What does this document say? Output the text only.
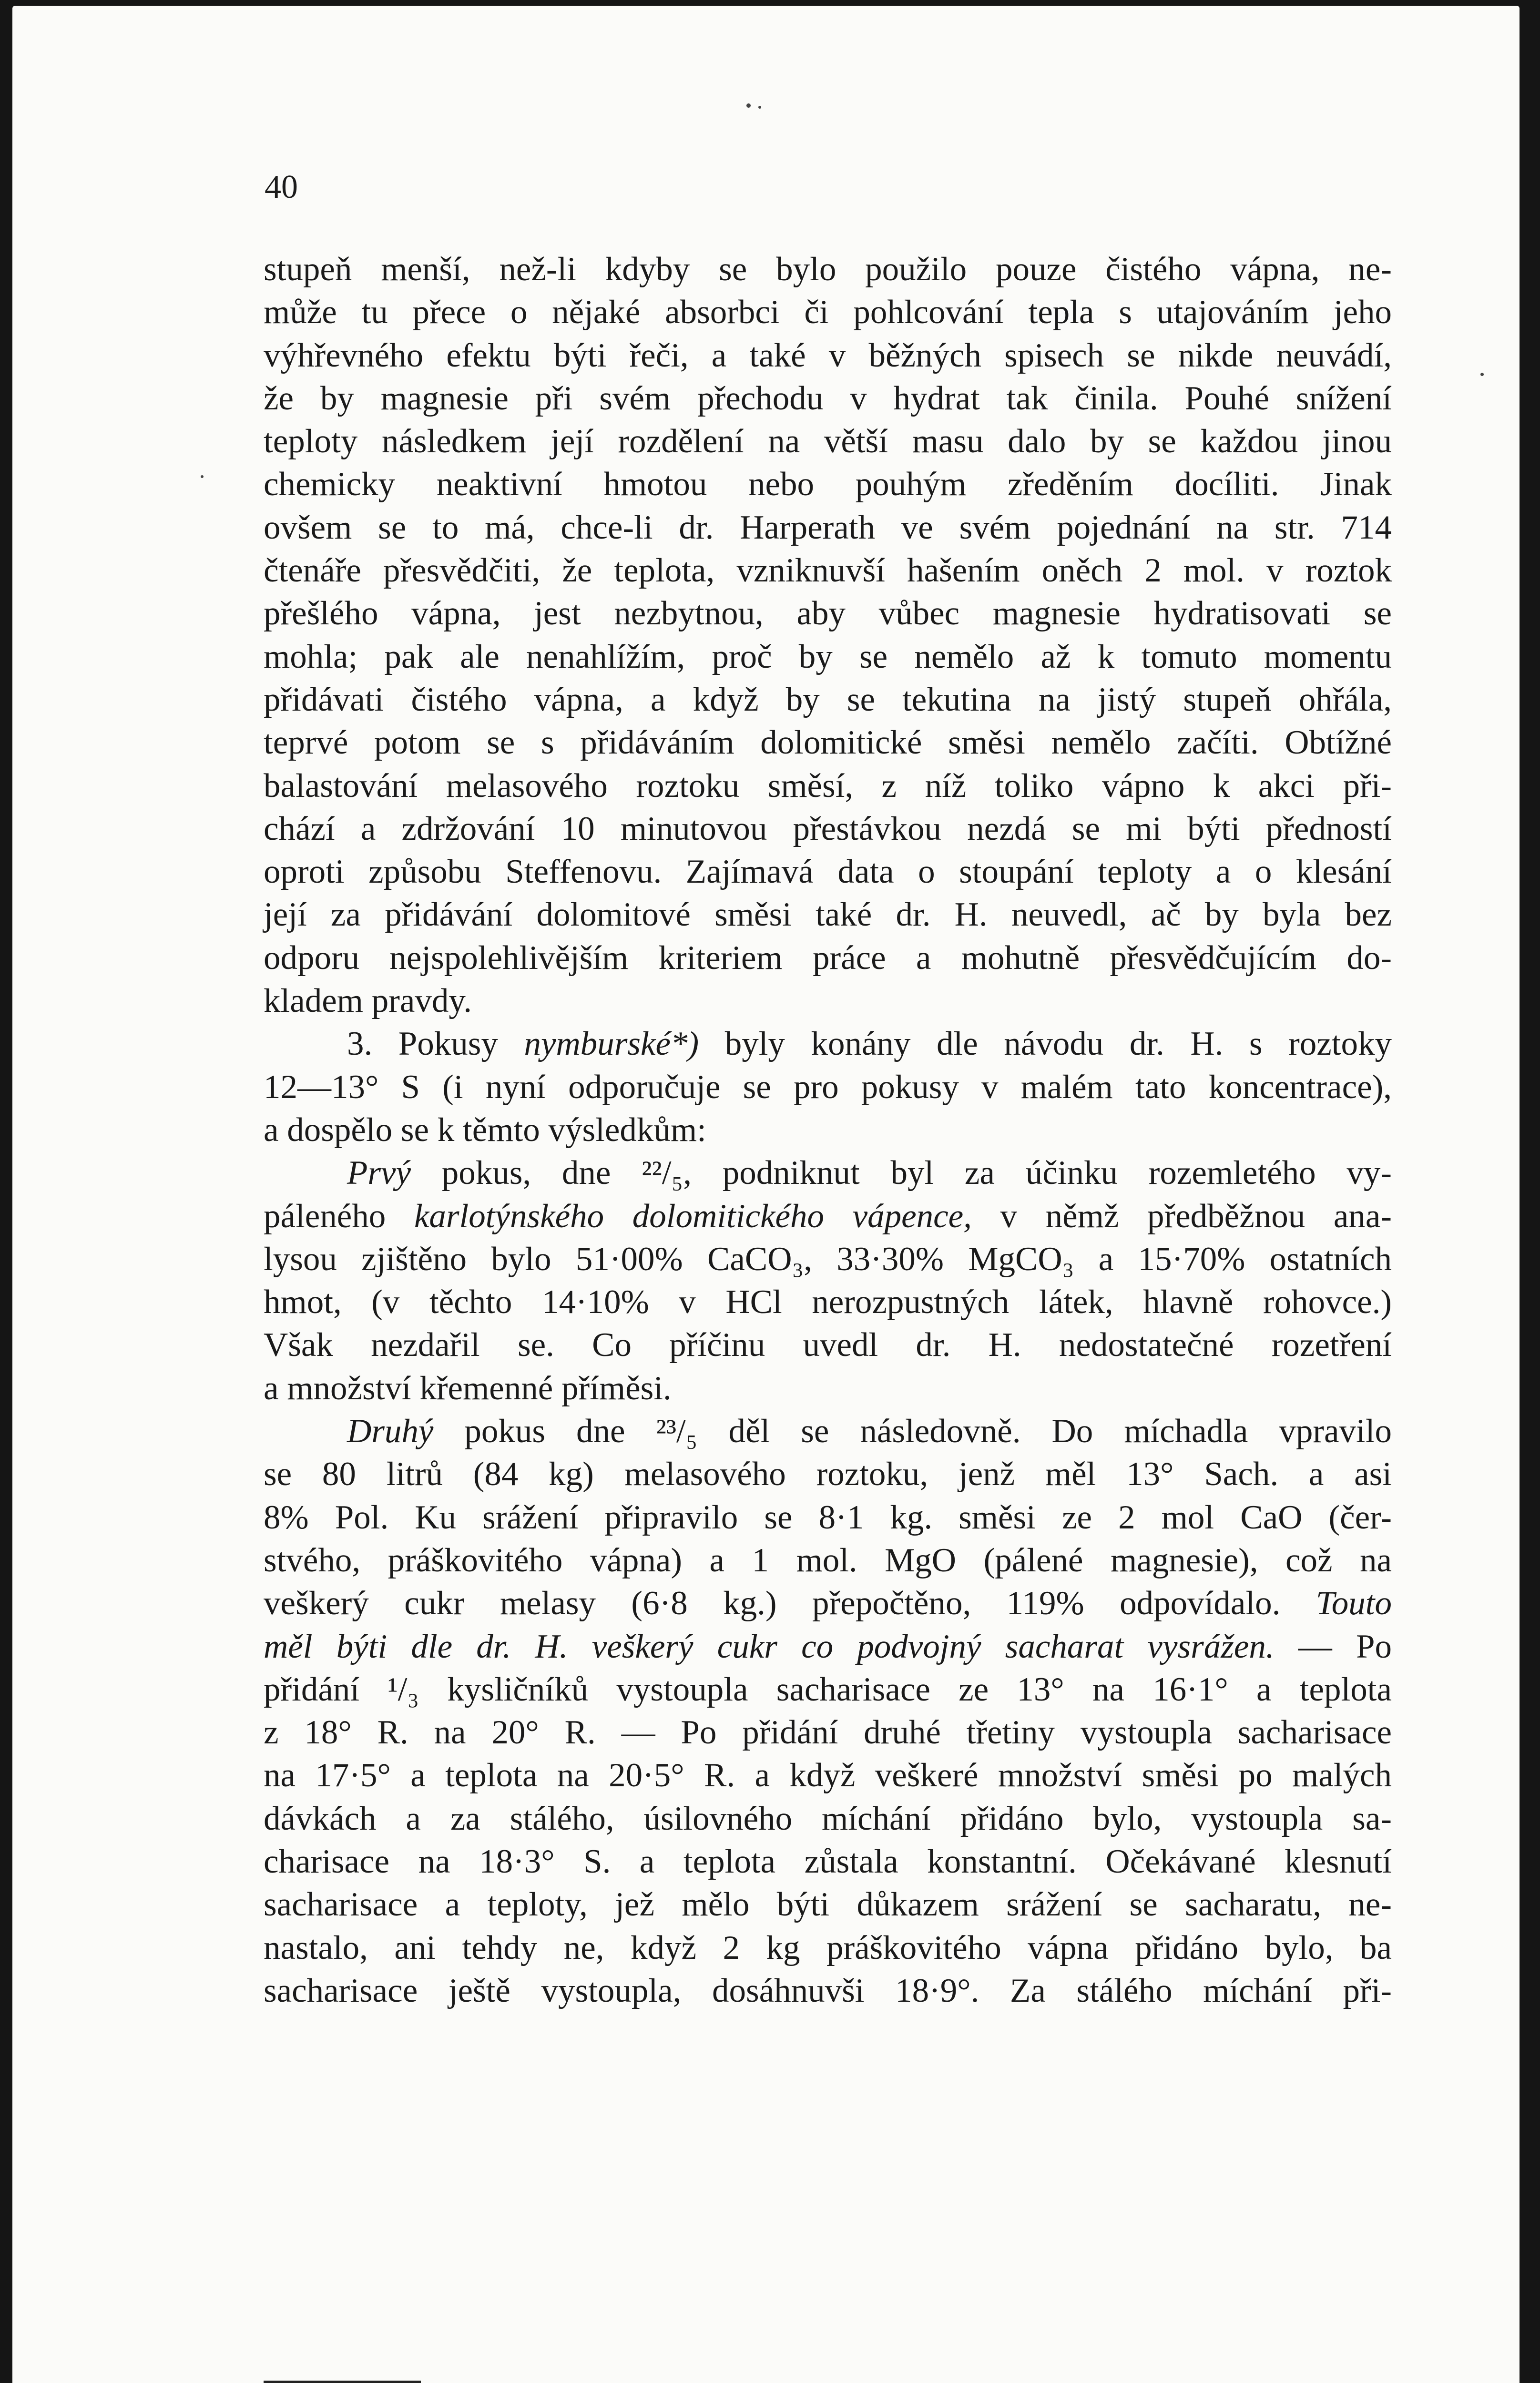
40
stupeň menší, než-li kdyby se bylo použilo pouze čistého vápna, ne-
může tu přece o nějaké absorbci či pohlcování tepla s utajováním jeho
výhřevného efektu býti řeči, a také v běžných spisech se nikde neuvádí,
že by magnesie při svém přechodu v hydrat tak činila. Pouhé snížení
teploty následkem její rozdělení na větší masu dalo by se každou jinou
chemicky neaktivní hmotou nebo pouhým zředěním docíliti. Jinak
ovšem se to má, chce-li dr. Harperath ve svém pojednání na str. 714
čtenáře přesvědčiti, že teplota, vzniknuvší hašením oněch 2 mol. v roztok
přešlého vápna, jest nezbytnou, aby vůbec magnesie hydratisovati se
mohla; pak ale nenahlížím, proč by se nemělo až k tomuto momentu
přidávati čistého vápna, a když by se tekutina na jistý stupeň ohřála,
teprvé potom se s přidáváním dolomitické směsi nemělo začíti. Obtížné
balastování melasového roztoku směsí, z níž toliko vápno k akci při-
chází a zdržování 10 minutovou přestávkou nezdá se mi býti předností
oproti způsobu Steffenovu. Zajímavá data o stoupání teploty a o klesání
její za přidávání dolomitové směsi také dr. H. neuvedl, ač by byla bez
odporu nejspolehlivějším kriteriem práce a mohutně přesvědčujícím do-
kladem pravdy.
3. Pokusy nymburské*) byly konány dle návodu dr. H. s roztoky
12—13° S (i nyní odporučuje se pro pokusy v malém tato koncentrace),
a dospělo se k těmto výsledkům:
Prvý pokus, dne ²²/₅, podniknut byl za účinku rozemletého vy-
páleného karlotýnského dolomitického vápence, v němž předběžnou ana-
lysou zjištěno bylo 51·00% CaCO₃, 33·30% MgCO₃ a 15·70% ostatních
hmot, (v těchto 14·10% v HCl nerozpustných látek, hlavně rohovce.)
Však nezdařil se. Co příčinu uvedl dr. H. nedostatečné rozetření
a množství křemenné příměsi.
Druhý pokus dne ²³/₅ děl se následovně. Do míchadla vpravilo
se 80 litrů (84 kg) melasového roztoku, jenž měl 13° Sach. a asi
8% Pol. Ku srážení připravilo se 8·1 kg. směsi ze 2 mol CaO (čer-
stvého, práškovitého vápna) a 1 mol. MgO (pálené magnesie), což na
veškerý cukr melasy (6·8 kg.) přepočtěno, 119% odpovídalo. Touto
měl býti dle dr. H. veškerý cukr co podvojný sacharat vysrážen. — Po
přidání ¹/₃ kysličníků vystoupla sacharisace ze 13° na 16·1° a teplota
z 18° R. na 20° R. — Po přidání druhé třetiny vystoupla sacharisace
na 17·5° a teplota na 20·5° R. a když veškeré množství směsi po malých
dávkách a za stálého, úsilovného míchání přidáno bylo, vystoupla sa-
charisace na 18·3° S. a teplota zůstala konstantní. Očekávané klesnutí
sacharisace a teploty, jež mělo býti důkazem srážení se sacharatu, ne-
nastalo, ani tehdy ne, když 2 kg práškovitého vápna přidáno bylo, ba
sacharisace ještě vystoupla, dosáhnuvši 18·9°. Za stálého míchání při-
